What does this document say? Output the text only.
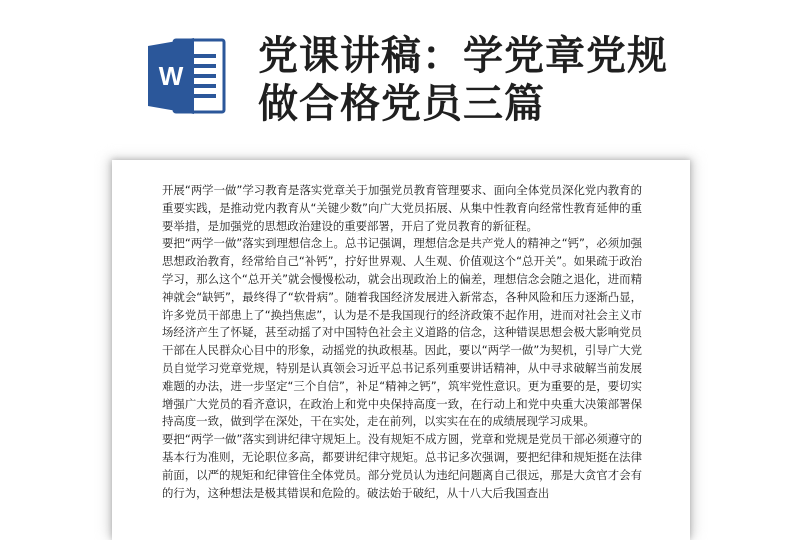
W 党课讲稿：学党章党规 做合格党员三篇

开展“两学一做”学习教育是落实党章关于加强党员教育管理要求、面向全体党员深化党内教育的重要实践，是推动党内教育从“关键少数”向广大党员拓展、从集中性教育向经常性教育延伸的重要举措，是加强党的思想政治建设的重要部署，开启了党员教育的新征程。

要把“两学一做”落实到理想信念上。总书记强调，理想信念是共产党人的精神之“钙”，必须加强思想政治教育，经常给自己“补钙”，拧好世界观、人生观、价值观这个“总开关”。如果疏于政治学习，那么这个“总开关”就会慢慢松动，就会出现政治上的偏差，理想信念会随之退化，进而精神就会“缺钙”，最终得了“软骨病”。随着我国经济发展进入新常态，各种风险和压力逐渐凸显，许多党员干部患上了“换挡焦虑”，认为是不是我国现行的经济政策不起作用，进而对社会主义市场经济产生了怀疑，甚至动摇了对中国特色社会主义道路的信念，这种错误思想会极大影响党员干部在人民群众心目中的形象，动摇党的执政根基。因此，要以“两学一做”为契机，引导广大党员自觉学习党章党规，特别是认真领会习近平总书记系列重要讲话精神，从中寻求破解当前发展难题的办法，进一步坚定“三个自信”，补足“精神之钙”，筑牢党性意识。更为重要的是，要切实增强广大党员的看齐意识，在政治上和党中央保持高度一致，在行动上和党中央重大决策部署保持高度一致，做到学在深处，干在实处，走在前列，以实实在在的成绩展现学习成果。

要把“两学一做”落实到讲纪律守规矩上。没有规矩不成方圆，党章和党规是党员干部必须遵守的基本行为准则，无论职位多高，都要讲纪律守规矩。总书记多次强调，要把纪律和规矩挺在法律前面，以严的规矩和纪律管住全体党员。部分党员认为违纪问题离自己很远，那是大贪官才会有的行为，这种想法是极其错误和危险的。破法始于破纪，从十八大后我国查出
